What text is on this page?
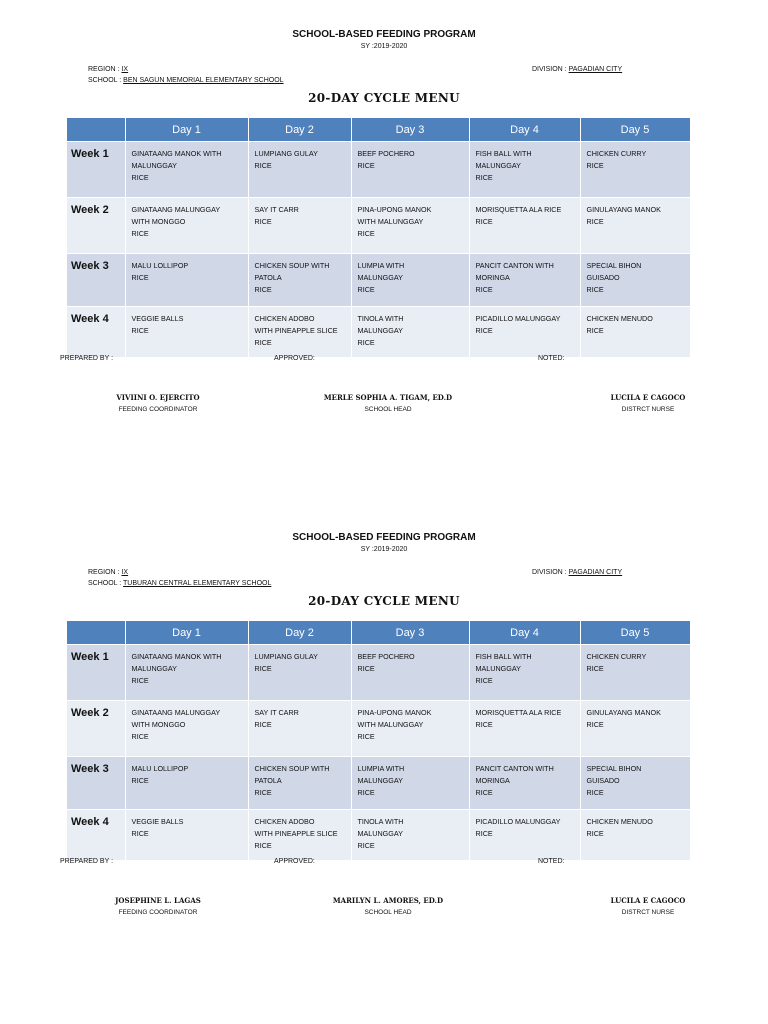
SCHOOL-BASED FEEDING PROGRAM
SY :2019-2020
REGION : IX
SCHOOL : BEN SAGUN MEMORIAL ELEMENTARY SCHOOL
DIVISION : PAGADIAN CITY
20-DAY CYCLE MENU
	Day 1	Day 2	Day 3	Day 4	Day 5
Week 1	GINATAANG MANOK WITH
MALUNGGAY
RICE	LUMPIANG GULAY
RICE	BEEF POCHERO
RICE	FISH BALL WITH
MALUNGGAY
RICE	CHICKEN CURRY
RICE

Week 2	GINATAANG MALUNGGAY
WITH MONGGO
RICE	SAY IT CARR
RICE	PINA-UPONG MANOK
WITH MALUNGGAY
RICE	MORISQUETTA ALA RICE
RICE	GINULAYANG MANOK
RICE

Week 3	MALU LOLLIPOP
RICE	CHICKEN SOUP WITH
PATOLA
RICE	LUMPIA WITH
MALUNGGAY
RICE	PANCIT CANTON WITH
MORINGA
RICE	SPECIAL BIHON
GUISADO
RICE

Week 4	VEGGIE BALLS
RICE	CHICKEN ADOBO
WITH PINEAPPLE SLICE
RICE	TINOLA WITH
MALUNGGAY
RICE	PICADILLO MALUNGGAY
RICE	CHICKEN MENUDO
RICE
PREPARED BY :	APPROVED:	NOTED:
VIVIINI O. EJERCITO
FEEDING COORDINATOR
MERLE SOPHIA A. TIGAM, ED.D
SCHOOL HEAD
LUCILA E CAGOCO
DISTRCT NURSE
SCHOOL-BASED FEEDING PROGRAM
SY :2019-2020
REGION : IX
SCHOOL : TUBURAN CENTRAL ELEMENTARY SCHOOL
DIVISION : PAGADIAN CITY
20-DAY CYCLE MENU
	Day 1	Day 2	Day 3	Day 4	Day 5
Week 1	GINATAANG MANOK WITH
MALUNGGAY
RICE	LUMPIANG GULAY
RICE	BEEF POCHERO
RICE	FISH BALL WITH
MALUNGGAY
RICE	CHICKEN CURRY
RICE

Week 2	GINATAANG MALUNGGAY
WITH MONGGO
RICE	SAY IT CARR
RICE	PINA-UPONG MANOK
WITH MALUNGGAY
RICE	MORISQUETTA ALA RICE
RICE	GINULAYANG MANOK
RICE

Week 3	MALU LOLLIPOP
RICE	CHICKEN SOUP WITH
PATOLA
RICE	LUMPIA WITH
MALUNGGAY
RICE	PANCIT CANTON WITH
MORINGA
RICE	SPECIAL BIHON
GUISADO
RICE

Week 4	VEGGIE BALLS
RICE	CHICKEN ADOBO
WITH PINEAPPLE SLICE
RICE	TINOLA WITH
MALUNGGAY
RICE	PICADILLO MALUNGGAY
RICE	CHICKEN MENUDO
RICE
PREPARED BY :	APPROVED:	NOTED:
JOSEPHINE L. LAGAS
FEEDING COORDINATOR
MARILYN L. AMORES, ED.D
SCHOOL HEAD
LUCILA E CAGOCO
DISTRCT NURSE
